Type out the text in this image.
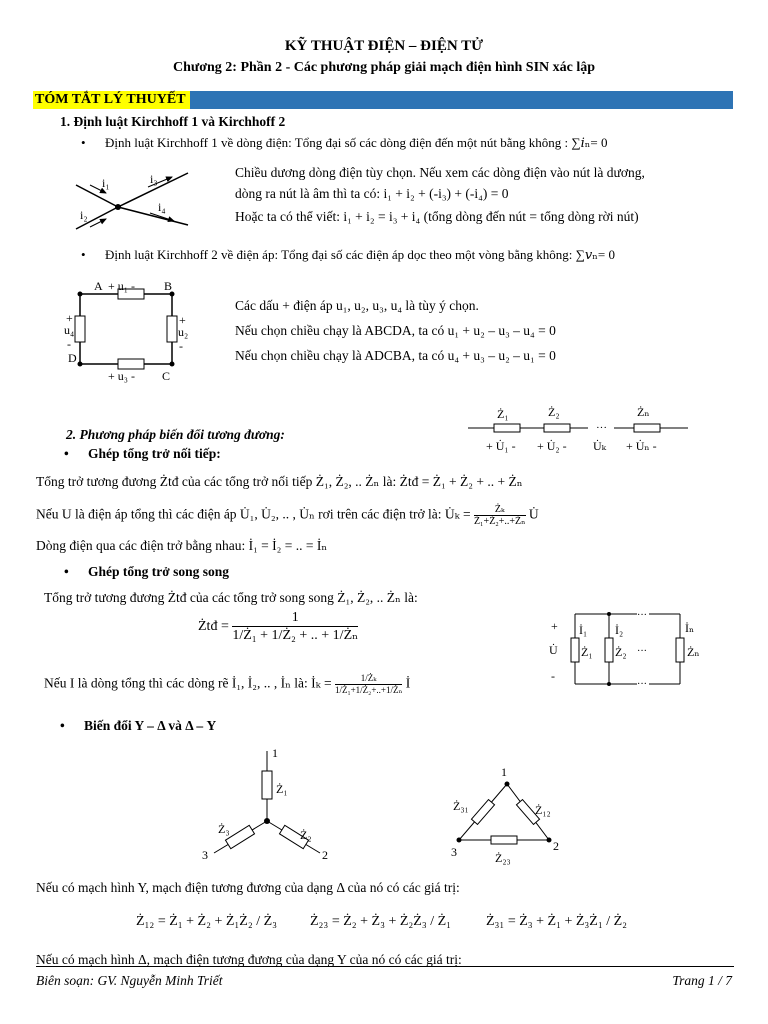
KỸ THUẬT ĐIỆN – ĐIỆN TỬ
Chương 2: Phần 2 - Các phương pháp giải mạch điện hình SIN xác lập
TÓM TẮT LÝ THUYẾT
1. Định luật Kirchhoff 1 và Kirchhoff 2
• Định luật Kirchhoff 1 về dòng điện: Tổng đại số các dòng điện đến một nút bằng không : ∑𝑖ₙ= 0
i₁
i₂
i₃
i₄
Chiều dương dòng điện tùy chọn. Nếu xem các dòng điện vào nút là dương,
dòng ra nút là âm thì ta có: i₁ + i₂ + (-i₃) + (-i₄) = 0
Hoặc ta có thể viết: i₁ + i₂ = i₃ + i₄ (tổng dòng đến nút = tổng dòng rời nút)
• Định luật Kirchhoff 2 về điện áp: Tổng đại số các điện áp dọc theo một vòng bằng không: ∑𝑣ₙ= 0
A + u₁ - B
D
C
+ u₃ -
+
u₂
-
+
u₄
-
Các dấu + điện áp u₁, u₂, u₃, u₄ là tùy ý chọn.
Nếu chọn chiều chạy là ABCDA, ta có u₁ + u₂ – u₃ – u₄ = 0
Nếu chọn chiều chạy là ADCBA, ta có u₄ + u₃ – u₂ – u₁ = 0
2. Phương pháp biến đổi tương đương:
• Ghép tổng trở nối tiếp:
···
Ż₁	Ż₂	Żₙ
+ U̇₁ - + U̇₂ - U̇ₖ + U̇ₙ -
Tổng trở tương đương Żtđ của các tổng trở nối tiếp Ż₁, Ż₂, .. Żₙ là: Żtđ = Ż₁ + Ż₂ + .. + Żₙ
Nếu U là điện áp tổng thì các điện áp U̇₁, U̇₂, .. , U̇ₙ rơi trên các điện trở là: U̇ₖ = $\frac{\text{Żₖ}}{\text{Ż₁+Ż₂+..+Żₙ}}$ U̇
Dòng điện qua các điện trở bằng nhau: İ₁ = İ₂ = .. = İₙ
• Ghép tổng trở song song
Tổng trở tương đương Żtđ của các tổng trở song song Ż₁, Ż₂, .. Żₙ là:
Żtđ = $\frac{1}{\text{1/Ż₁ + 1/Ż₂ + .. + 1/Żₙ}}$	···
···
···
+
U̇
-
İ₁ İ₂	İₙ
Ż₁ Ż₂	Żₙ
Nếu I là dòng tổng thì các dòng rẽ İ₁, İ₂, .. , İₙ là: İₖ = $\frac{\text{1/Żₖ}}{\text{1/Ż₁+1/Ż₂+..+1/Żₙ}}$ İ
• Biến đổi Y – Δ và Δ – Y
1
3	2
Ż₁
Ż₃	Ż₂
1
3	2
Ż₃₁	Ż₁₂
Ż₂₃
Nếu có mạch hình Y, mạch điện tương đương của dạng Δ của nó có các giá trị:
Ż₁₂ = Ż₁ + Ż₂ + Ż₁Ż₂ / Ż₃ Ż₂₃ = Ż₂ + Ż₃ + Ż₂Ż₃ / Ż₁ Ż₃₁ = Ż₃ + Ż₁ + Ż₃Ż₁ / Ż₂
Nếu có mạch hình Δ, mạch điện tương đương của dạng Y của nó có các giá trị:
Biên soạn: GV. Nguyễn Minh Triết	Trang 1 / 7
